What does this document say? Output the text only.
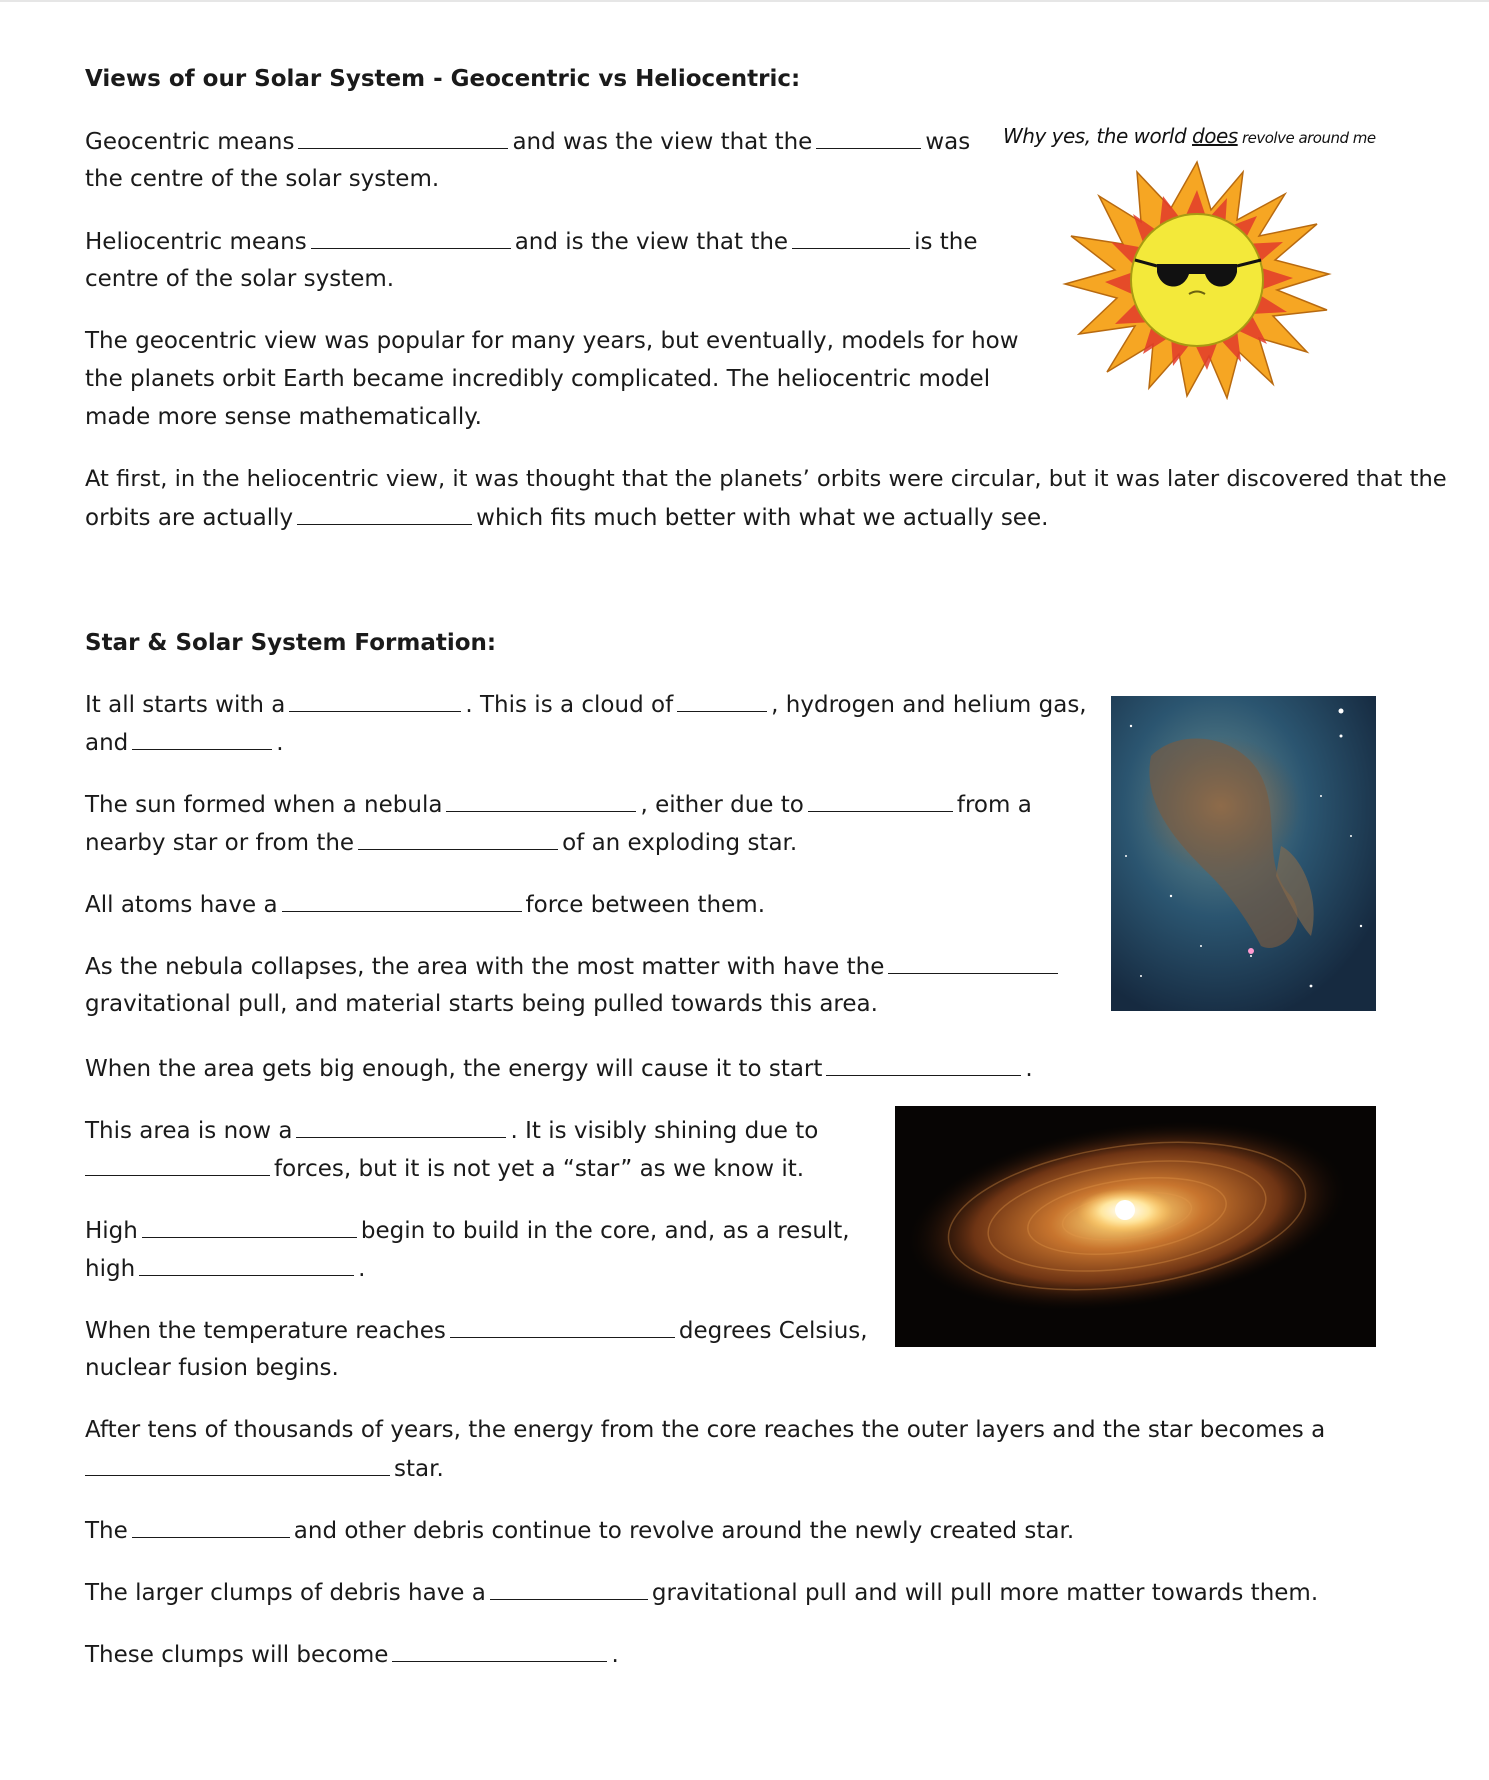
Views of our Solar System - Geocentric vs Heliocentric:
Geocentric means	and was the view that the	was
the centre of the solar system.
Heliocentric means	and is the view that the	is the
centre of the solar system.
The geocentric view was popular for many years, but eventually, models for how
the planets orbit Earth became incredibly complicated. The heliocentric model
made more sense mathematically.
At first, in the heliocentric view, it was thought that the planets’ orbits were circular, but it was later discovered that the
orbits are actually	which fits much better with what we actually see.
Why yes, the world does revolve around me
Star & Solar System Formation:
It all starts with a	. This is a cloud of	, hydrogen and helium gas,
and	.
The sun formed when a nebula	, either due to	from a
nearby star or from the	of an exploding star.
All atoms have a	force between them.
As the nebula collapses, the area with the most matter with have the
gravitational pull, and material starts being pulled towards this area.
When the area gets big enough, the energy will cause it to start	.
This area is now a	. It is visibly shining due to
forces, but it is not yet a “star” as we know it.
High	begin to build in the core, and, as a result,
high	.
When the temperature reaches	degrees Celsius,
nuclear fusion begins.
After tens of thousands of years, the energy from the core reaches the outer layers and the star becomes a
star.
The	and other debris continue to revolve around the newly created star.
The larger clumps of debris have a	gravitational pull and will pull more matter towards them.
These clumps will become	.
